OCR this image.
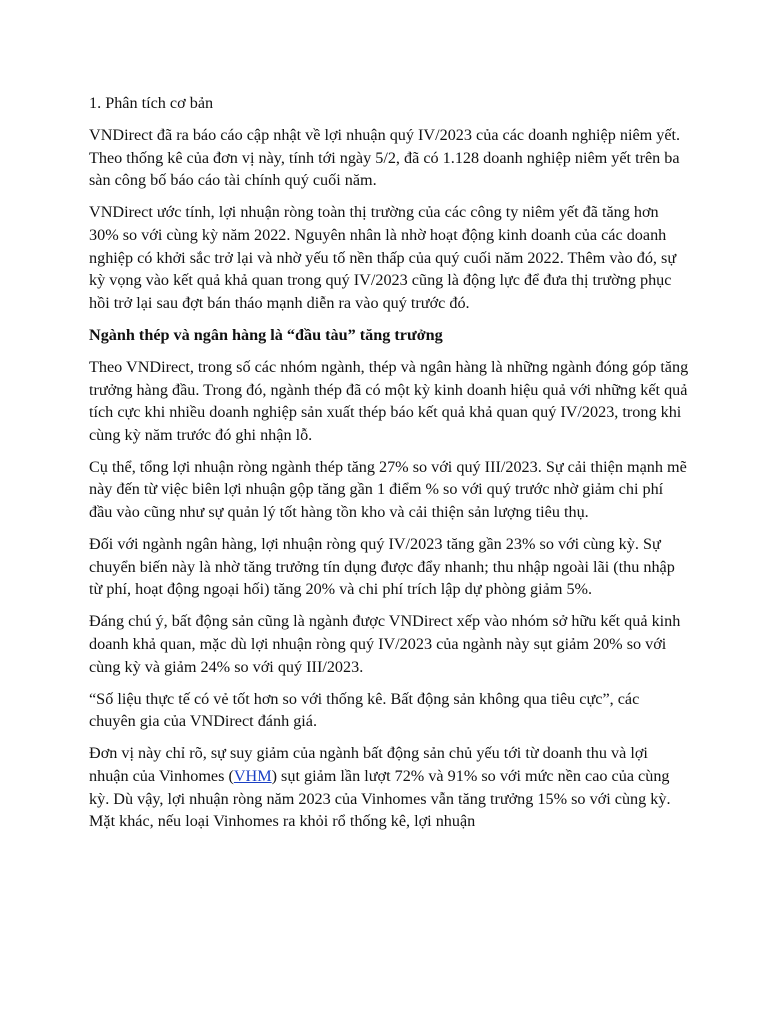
1. Phân tích cơ bản

VNDirect đã ra báo cáo cập nhật về lợi nhuận quý IV/2023 của các doanh nghiệp niêm yết. Theo thống kê của đơn vị này, tính tới ngày 5/2, đã có 1.128 doanh nghiệp niêm yết trên ba sàn công bố báo cáo tài chính quý cuối năm.

VNDirect ước tính, lợi nhuận ròng toàn thị trường của các công ty niêm yết đã tăng hơn 30% so với cùng kỳ năm 2022. Nguyên nhân là nhờ hoạt động kinh doanh của các doanh nghiệp có khởi sắc trở lại và nhờ yếu tố nền thấp của quý cuối năm 2022. Thêm vào đó, sự kỳ vọng vào kết quả khả quan trong quý IV/2023 cũng là động lực để đưa thị trường phục hồi trở lại sau đợt bán tháo mạnh diễn ra vào quý trước đó.

Ngành thép và ngân hàng là “đầu tàu” tăng trưởng

Theo VNDirect, trong số các nhóm ngành, thép và ngân hàng là những ngành đóng góp tăng trưởng hàng đầu. Trong đó, ngành thép đã có một kỳ kinh doanh hiệu quả với những kết quả tích cực khi nhiều doanh nghiệp sản xuất thép báo kết quả khả quan quý IV/2023, trong khi cùng kỳ năm trước đó ghi nhận lỗ.

Cụ thể, tổng lợi nhuận ròng ngành thép tăng 27% so với quý III/2023. Sự cải thiện mạnh mẽ này đến từ việc biên lợi nhuận gộp tăng gần 1 điểm % so với quý trước nhờ giảm chi phí đầu vào cũng như sự quản lý tốt hàng tồn kho và cải thiện sản lượng tiêu thụ.

Đối với ngành ngân hàng, lợi nhuận ròng quý IV/2023 tăng gần 23% so với cùng kỳ. Sự chuyển biến này là nhờ tăng trưởng tín dụng được đẩy nhanh; thu nhập ngoài lãi (thu nhập từ phí, hoạt động ngoại hối) tăng 20% và chi phí trích lập dự phòng giảm 5%.

Đáng chú ý, bất động sản cũng là ngành được VNDirect xếp vào nhóm sở hữu kết quả kinh doanh khả quan, mặc dù lợi nhuận ròng quý IV/2023 của ngành này sụt giảm 20% so với cùng kỳ và giảm 24% so với quý III/2023.

“Số liệu thực tế có vẻ tốt hơn so với thống kê. Bất động sản không qua tiêu cực”, các chuyên gia của VNDirect đánh giá.

Đơn vị này chỉ rõ, sự suy giảm của ngành bất động sản chủ yếu tới từ doanh thu và lợi nhuận của Vinhomes (VHM) sụt giảm lần lượt 72% và 91% so với mức nền cao của cùng kỳ. Dù vậy, lợi nhuận ròng năm 2023 của Vinhomes vẫn tăng trưởng 15% so với cùng kỳ. Mặt khác, nếu loại Vinhomes ra khỏi rổ thống kê, lợi nhuận
